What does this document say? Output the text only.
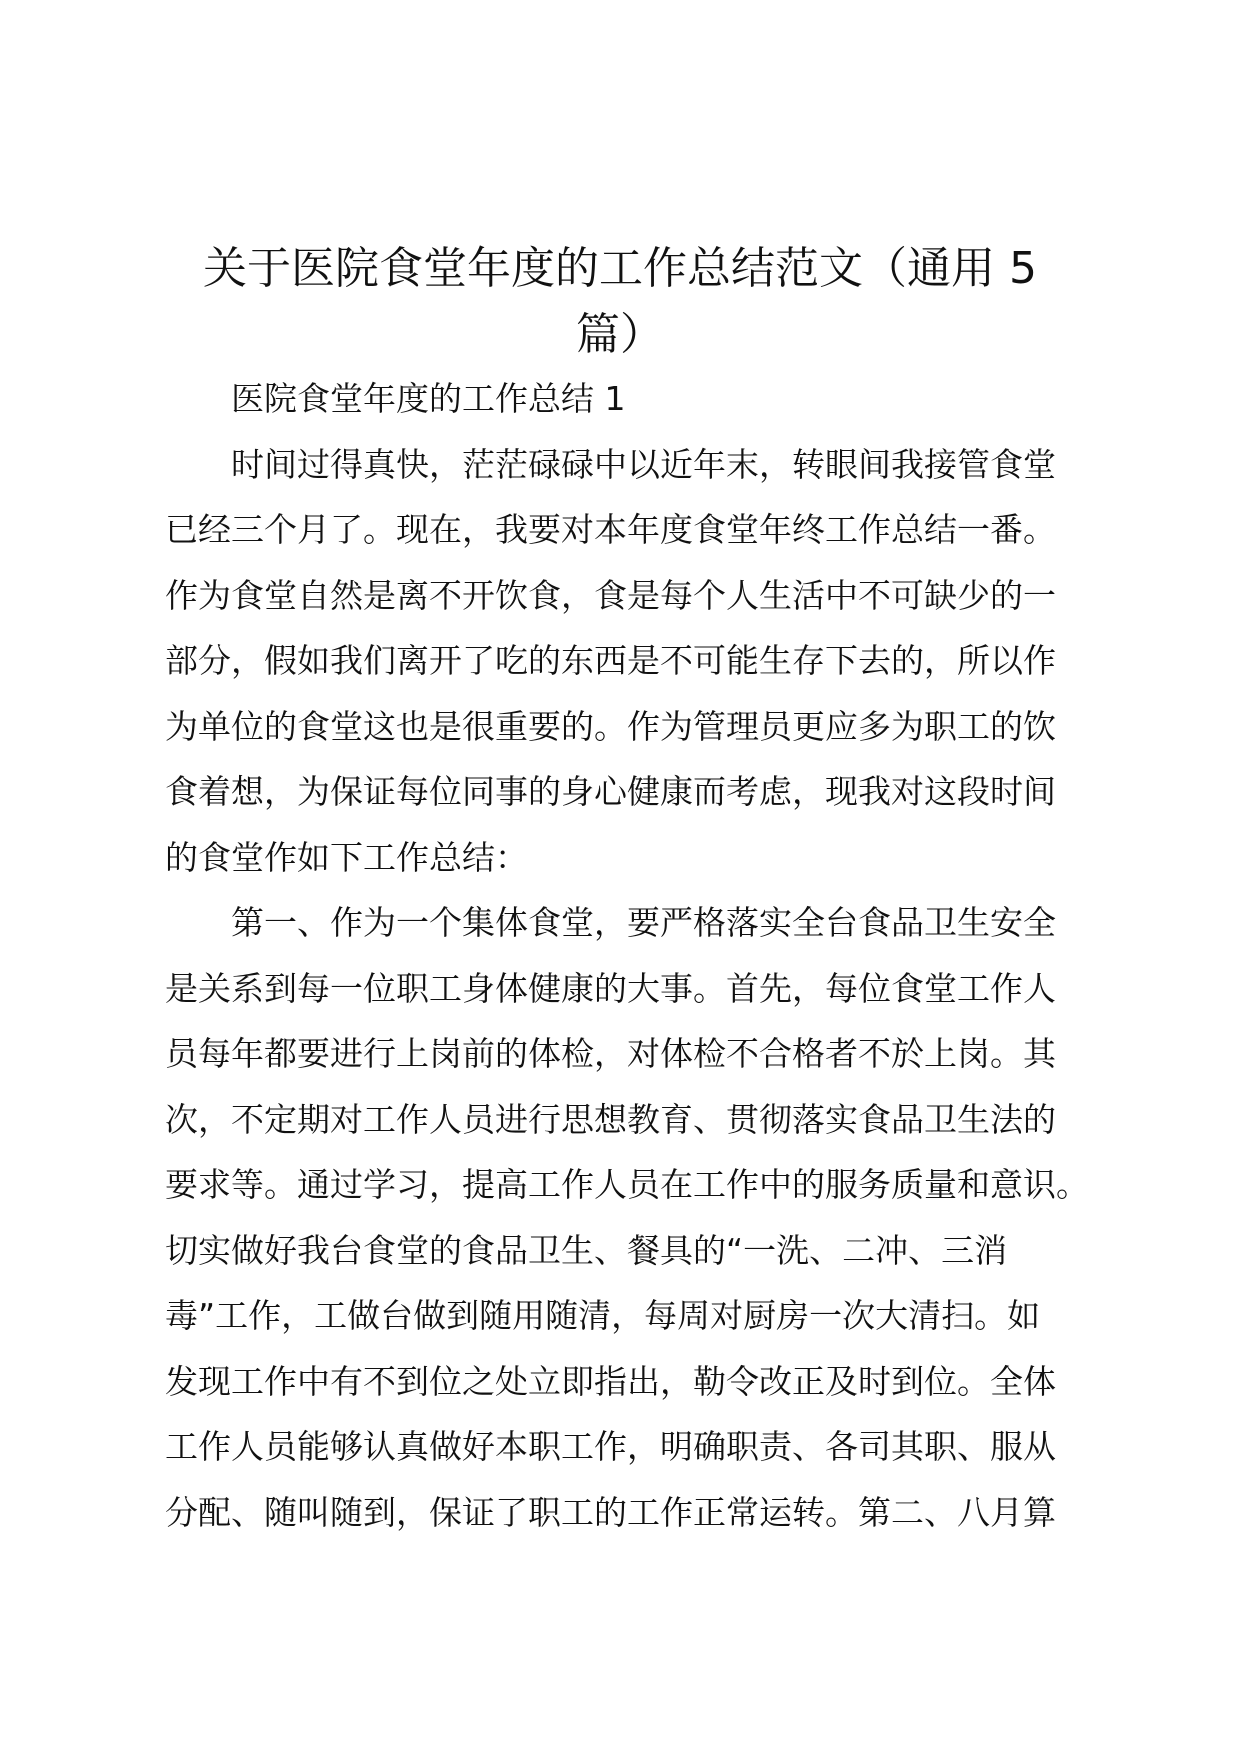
关于医院食堂年度的工作总结范文（通用 5
篇）
医院食堂年度的工作总结 1
时间过得真快，茫茫碌碌中以近年末，转眼间我接管食堂
已经三个月了。现在，我要对本年度食堂年终工作总结一番。
作为食堂自然是离不开饮食，食是每个人生活中不可缺少的一
部分，假如我们离开了吃的东西是不可能生存下去的，所以作
为单位的食堂这也是很重要的。作为管理员更应多为职工的饮
食着想，为保证每位同事的身心健康而考虑，现我对这段时间
的食堂作如下工作总结：
第一、作为一个集体食堂，要严格落实全台食品卫生安全
是关系到每一位职工身体健康的大事。首先，每位食堂工作人
员每年都要进行上岗前的体检，对体检不合格者不於上岗。其
次，不定期对工作人员进行思想教育、贯彻落实食品卫生法的
要求等。通过学习，提高工作人员在工作中的服务质量和意识。
切实做好我台食堂的食品卫生、餐具的“一洗、二冲、三消
毒”工作，工做台做到随用随清，每周对厨房一次大清扫。如
发现工作中有不到位之处立即指出，勒令改正及时到位。全体
工作人员能够认真做好本职工作，明确职责、各司其职、服从
分配、随叫随到，保证了职工的工作正常运转。第二、八月算
